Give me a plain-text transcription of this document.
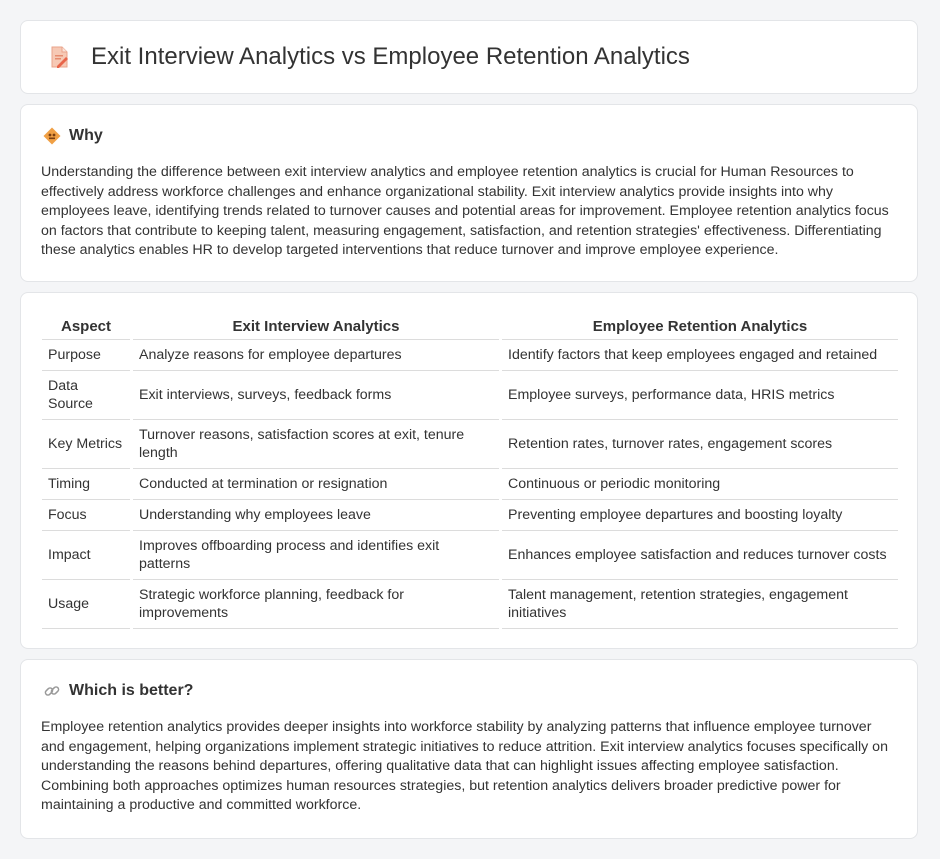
Exit Interview Analytics vs Employee Retention Analytics
Why

Understanding the difference between exit interview analytics and employee retention analytics is crucial for Human Resources to effectively address workforce challenges and enhance organizational stability. Exit interview analytics provide insights into why employees leave, identifying trends related to turnover causes and potential areas for improvement. Employee retention analytics focus on factors that contribute to keeping talent, measuring engagement, satisfaction, and retention strategies' effectiveness. Differentiating these analytics enables HR to develop targeted interventions that reduce turnover and improve employee experience.

Aspect	Exit Interview Analytics	Employee Retention Analytics
Purpose	Analyze reasons for employee departures	Identify factors that keep employees engaged and retained
Data Source	Exit interviews, surveys, feedback forms	Employee surveys, performance data, HRIS metrics
Key Metrics	Turnover reasons, satisfaction scores at exit, tenure length	Retention rates, turnover rates, engagement scores
Timing	Conducted at termination or resignation	Continuous or periodic monitoring
Focus	Understanding why employees leave	Preventing employee departures and boosting loyalty
Impact	Improves offboarding process and identifies exit patterns	Enhances employee satisfaction and reduces turnover costs
Usage	Strategic workforce planning, feedback for improvements	Talent management, retention strategies, engagement initiatives
Which is better?

Employee retention analytics provides deeper insights into workforce stability by analyzing patterns that influence employee turnover and engagement, helping organizations implement strategic initiatives to reduce attrition. Exit interview analytics focuses specifically on understanding the reasons behind departures, offering qualitative data that can highlight issues affecting employee satisfaction. Combining both approaches optimizes human resources strategies, but retention analytics delivers broader predictive power for maintaining a productive and committed workforce.
